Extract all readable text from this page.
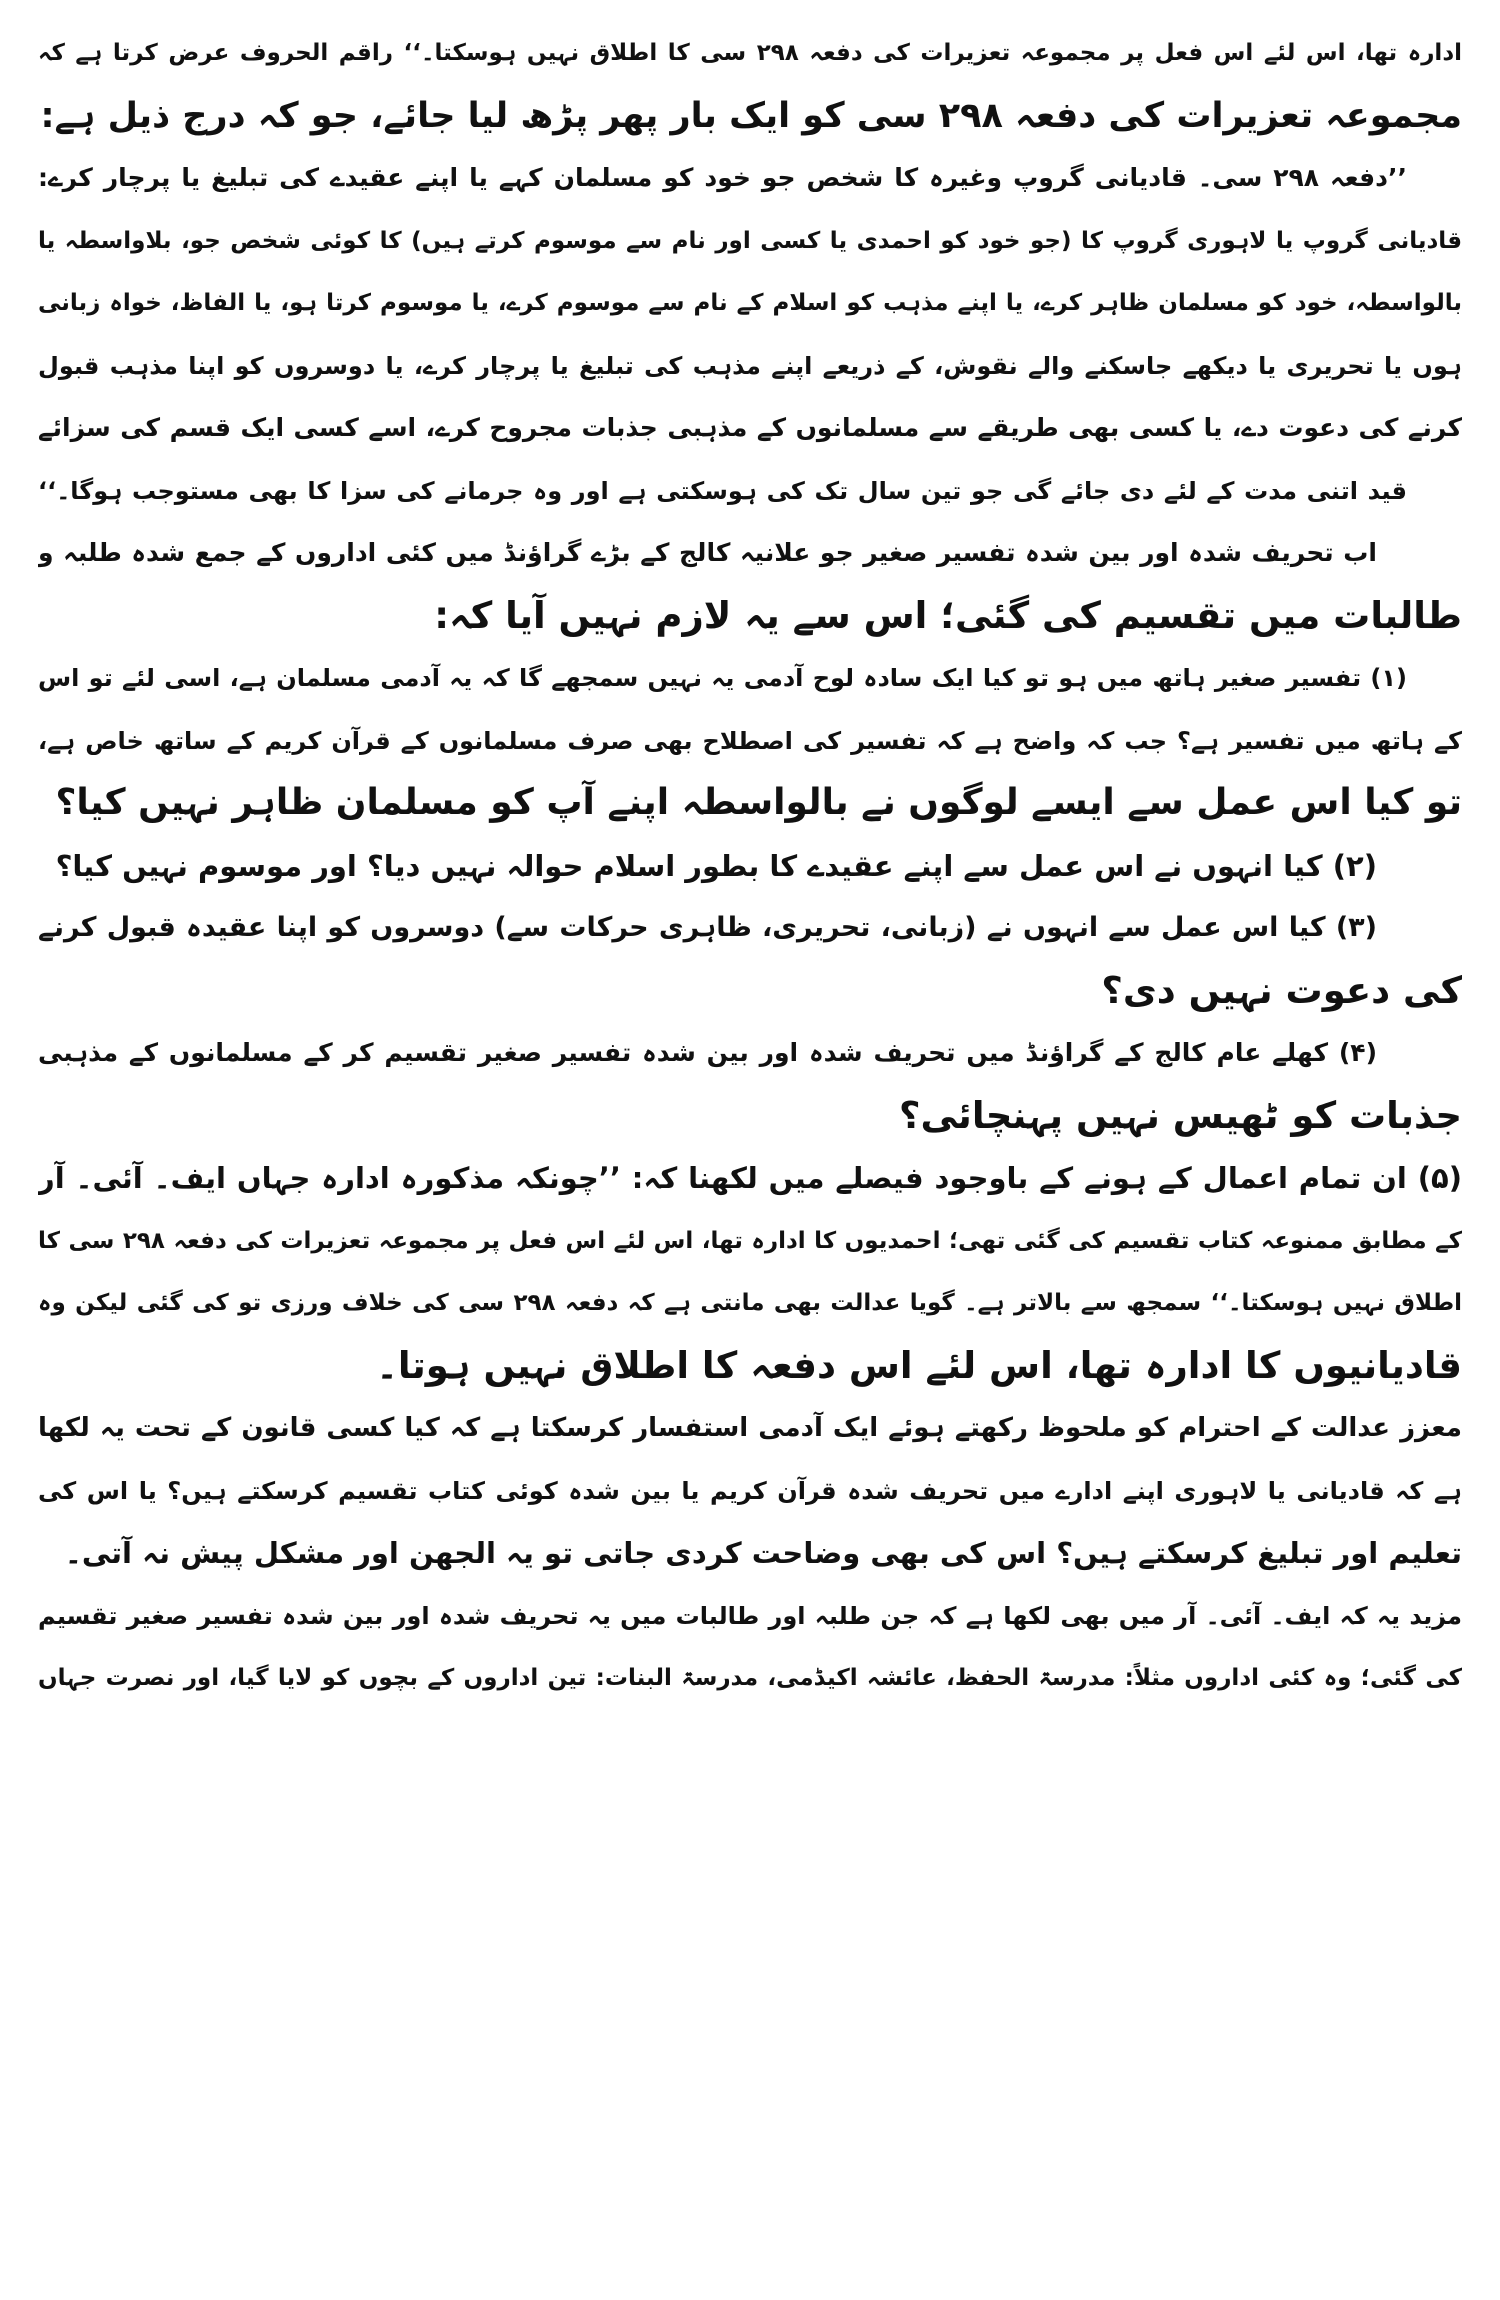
ادارہ تھا، اس لئے اس فعل پر مجموعہ تعزیرات کی دفعہ ۲۹۸ سی کا اطلاق نہیں ہوسکتا۔‘‘ راقم الحروف عرض کرتا ہے کہ
مجموعہ تعزیرات کی دفعہ ۲۹۸ سی کو ایک بار پھر پڑھ لیا جائے، جو کہ درج ذیل ہے:
’’دفعہ ۲۹۸ سی۔ قادیانی گروپ وغیرہ کا شخص جو خود کو مسلمان کہے یا اپنے عقیدے کی تبلیغ یا پرچار کرے:
قادیانی گروپ یا لاہوری گروپ کا (جو خود کو احمدی یا کسی اور نام سے موسوم کرتے ہیں) کا کوئی شخص جو، بلاواسطہ یا
بالواسطہ، خود کو مسلمان ظاہر کرے، یا اپنے مذہب کو اسلام کے نام سے موسوم کرے، یا موسوم کرتا ہو، یا الفاظ، خواہ زبانی
ہوں یا تحریری یا دیکھے جاسکنے والے نقوش، کے ذریعے اپنے مذہب کی تبلیغ یا پرچار کرے، یا دوسروں کو اپنا مذہب قبول
کرنے کی دعوت دے، یا کسی بھی طریقے سے مسلمانوں کے مذہبی جذبات مجروح کرے، اسے کسی ایک قسم کی سزائے
قید اتنی مدت کے لئے دی جائے گی جو تین سال تک کی ہوسکتی ہے اور وہ جرمانے کی سزا کا بھی مستوجب ہوگا۔‘‘
اب تحریف شدہ اور بین شدہ تفسیر صغیر جو علانیہ کالج کے بڑے گراؤنڈ میں کئی اداروں کے جمع شدہ طلبہ و
طالبات میں تقسیم کی گئی؛ اس سے یہ لازم نہیں آیا کہ:
(۱) تفسیر صغیر ہاتھ میں ہو تو کیا ایک سادہ لوح آدمی یہ نہیں سمجھے گا کہ یہ آدمی مسلمان ہے، اسی لئے تو اس
کے ہاتھ میں تفسیر ہے؟ جب کہ واضح ہے کہ تفسیر کی اصطلاح بھی صرف مسلمانوں کے قرآن کریم کے ساتھ خاص ہے،
تو کیا اس عمل سے ایسے لوگوں نے بالواسطہ اپنے آپ کو مسلمان ظاہر نہیں کیا؟
(۲) کیا انہوں نے اس عمل سے اپنے عقیدے کا بطور اسلام حوالہ نہیں دیا؟ اور موسوم نہیں کیا؟
(۳) کیا اس عمل سے انہوں نے (زبانی، تحریری، ظاہری حرکات سے) دوسروں کو اپنا عقیدہ قبول کرنے
کی دعوت نہیں دی؟
(۴) کھلے عام کالج کے گراؤنڈ میں تحریف شدہ اور بین شدہ تفسیر صغیر تقسیم کر کے مسلمانوں کے مذہبی
جذبات کو ٹھیس نہیں پہنچائی؟
(۵) ان تمام اعمال کے ہونے کے باوجود فیصلے میں لکھنا کہ: ’’چونکہ مذکورہ ادارہ جہاں ایف۔ آئی۔ آر
کے مطابق ممنوعہ کتاب تقسیم کی گئی تھی؛ احمدیوں کا ادارہ تھا، اس لئے اس فعل پر مجموعہ تعزیرات کی دفعہ ۲۹۸ سی کا
اطلاق نہیں ہوسکتا۔‘‘ سمجھ سے بالاتر ہے۔ گویا عدالت بھی مانتی ہے کہ دفعہ ۲۹۸ سی کی خلاف ورزی تو کی گئی لیکن وہ
قادیانیوں کا ادارہ تھا، اس لئے اس دفعہ کا اطلاق نہیں ہوتا۔
معزز عدالت کے احترام کو ملحوظ رکھتے ہوئے ایک آدمی استفسار کرسکتا ہے کہ کیا کسی قانون کے تحت یہ لکھا
ہے کہ قادیانی یا لاہوری اپنے ادارے میں تحریف شدہ قرآن کریم یا بین شدہ کوئی کتاب تقسیم کرسکتے ہیں؟ یا اس کی
تعلیم اور تبلیغ کرسکتے ہیں؟ اس کی بھی وضاحت کردی جاتی تو یہ الجھن اور مشکل پیش نہ آتی۔
مزید یہ کہ ایف۔ آئی۔ آر میں بھی لکھا ہے کہ جن طلبہ اور طالبات میں یہ تحریف شدہ اور بین شدہ تفسیر صغیر تقسیم
کی گئی؛ وہ کئی اداروں مثلاً: مدرسۃ الحفظ، عائشہ اکیڈمی، مدرسۃ البنات: تین اداروں کے بچوں کو لایا گیا، اور نصرت جہاں
